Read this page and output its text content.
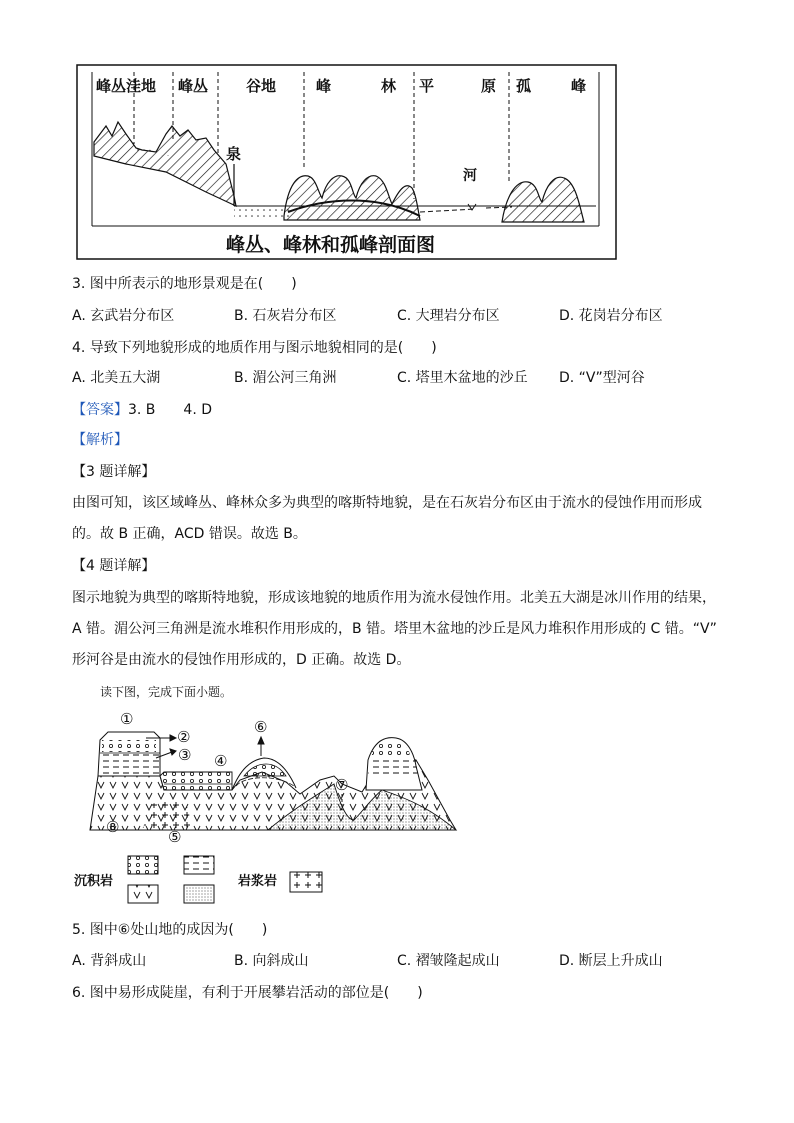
峰丛洼地 峰丛	谷地	峰	林 平	原 孤	峰
泉
河
峰丛、峰林和孤峰剖面图
3. 图中所表示的地形景观是在(　　)
A. 玄武岩分布区	B. 石灰岩分布区	C. 大理岩分布区	D. 花岗岩分布区
4. 导致下列地貌形成的地质作用与图示地貌相同的是(　　)
A. 北美五大湖	B. 湄公河三角洲	C. 塔里木盆地的沙丘 D. “V”型河谷
【答案】3. B　　4. D
【解析】
【3 题详解】
由图可知，该区域峰丛、峰林众多为典型的喀斯特地貌，是在石灰岩分布区由于流水的侵蚀作用而形成
的。故 B 正确，ACD 错误。故选 B。
【4 题详解】
图示地貌为典型的喀斯特地貌，形成该地貌的地质作用为流水侵蚀作用。北美五大湖是冰川作用的结果，
A 错。湄公河三角洲是流水堆积作用形成的，B 错。塔里木盆地的沙丘是风力堆积作用形成的 C 错。“V”
形河谷是由流水的侵蚀作用形成的，D 正确。故选 D。
读下图，完成下面小题。
①
②
③ ④
⑤
⑥
⑦
⑧
沉积岩	岩浆岩
5. 图中⑥处山地的成因为(　　)
A. 背斜成山	B. 向斜成山	C. 褶皱隆起成山	D. 断层上升成山
6. 图中易形成陡崖，有利于开展攀岩活动的部位是(　　)
